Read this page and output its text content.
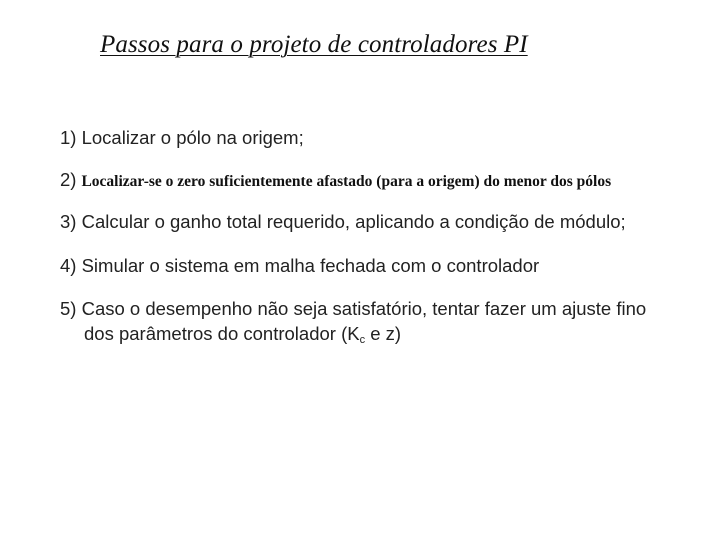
Passos para o projeto de controladores PI
1) Localizar o pólo na origem;
2) Localizar-se o zero suficientemente afastado (para a origem) do menor dos pólos
3) Calcular o ganho total requerido, aplicando a condição de módulo;
4) Simular o sistema em malha fechada com o controlador
5) Caso o desempenho não seja satisfatório, tentar fazer um ajuste fino
dos parâmetros do controlador ($K_c$ e z)
